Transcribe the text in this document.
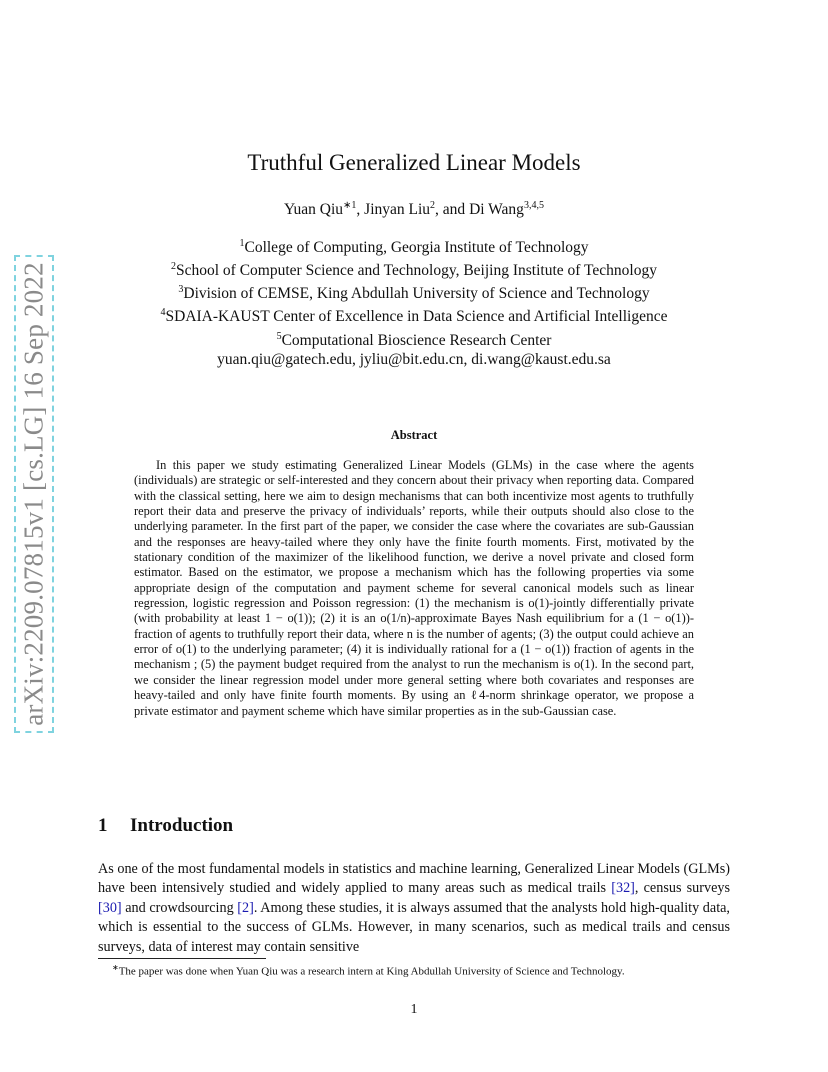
arXiv:2209.07815v1 [cs.LG] 16 Sep 2022
Truthful Generalized Linear Models
Yuan Qiu$^{∗1}$, Jinyan Liu$^2$, and Di Wang$^{3,4,5}$
$^1$College of Computing, Georgia Institute of Technology
$^2$School of Computer Science and Technology, Beijing Institute of Technology
$^3$Division of CEMSE, King Abdullah University of Science and Technology
$^4$SDAIA-KAUST Center of Excellence in Data Science and Artificial Intelligence
$^5$Computational Bioscience Research Center
yuan.qiu@gatech.edu, jyliu@bit.edu.cn, di.wang@kaust.edu.sa
Abstract
In this paper we study estimating Generalized Linear Models (GLMs) in the case where the agents (individuals) are strategic or self-interested and they concern about their privacy when reporting data. Compared with the classical setting, here we aim to design mechanisms that can both incentivize most agents to truthfully report their data and preserve the privacy of individuals’ reports, while their outputs should also close to the underlying parameter. In the first part of the paper, we consider the case where the covariates are sub-Gaussian and the responses are heavy-tailed where they only have the finite fourth moments. First, motivated by the stationary condition of the maximizer of the likelihood function, we derive a novel private and closed form estimator. Based on the estimator, we propose a mechanism which has the following properties via some appropriate design of the computation and payment scheme for several canonical models such as linear regression, logistic regression and Poisson regression: (1) the mechanism is o(1)-jointly differentially private (with probability at least 1 − o(1)); (2) it is an o(1/n)-approximate Bayes Nash equilibrium for a (1 − o(1))-fraction of agents to truthfully report their data, where n is the number of agents; (3) the output could achieve an error of o(1) to the underlying parameter; (4) it is individually rational for a (1 − o(1)) fraction of agents in the mechanism ; (5) the payment budget required from the analyst to run the mechanism is o(1). In the second part, we consider the linear regression model under more general setting where both covariates and responses are heavy-tailed and only have finite fourth moments. By using an ℓ4-norm shrinkage operator, we propose a private estimator and payment scheme which have similar properties as in the sub-Gaussian case.
1 Introduction
As one of the most fundamental models in statistics and machine learning, Generalized Linear Models (GLMs) have been intensively studied and widely applied to many areas such as medical trails [32], census surveys [30] and crowdsourcing [2]. Among these studies, it is always assumed that the analysts hold high-quality data, which is essential to the success of GLMs. However, in many scenarios, such as medical trails and census surveys, data of interest may contain sensitive
∗The paper was done when Yuan Qiu was a research intern at King Abdullah University of Science and Technology.
1
